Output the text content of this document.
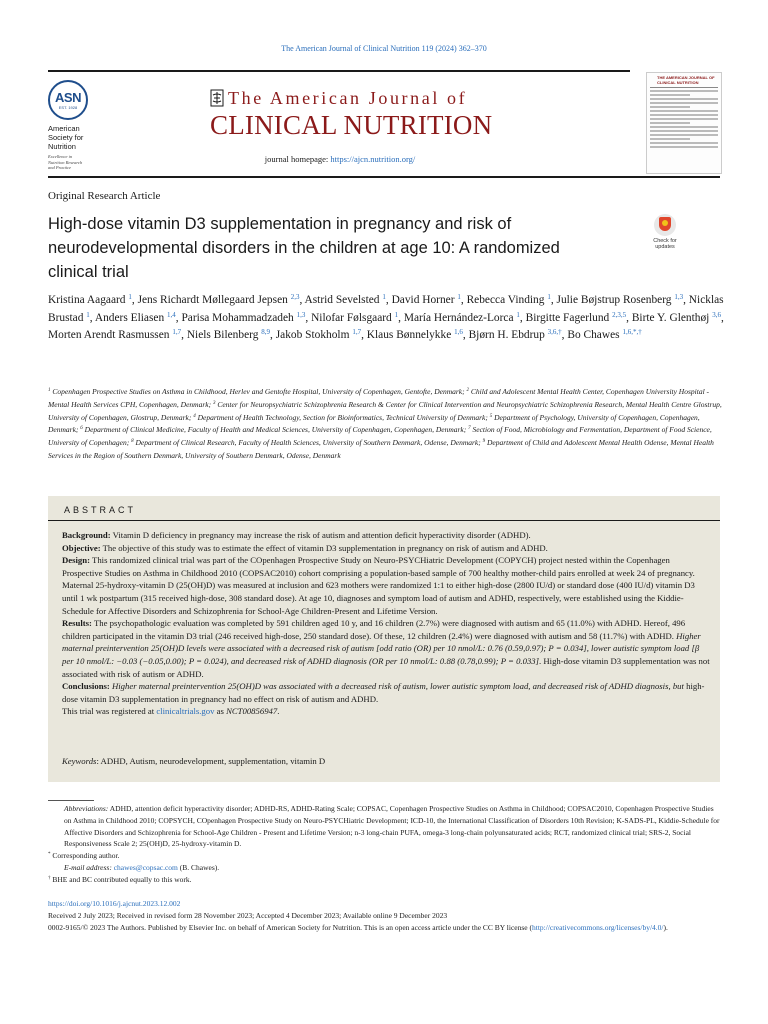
The American Journal of Clinical Nutrition 119 (2024) 362–370
ASN
EST. 1928
American
Society for
Nutrition
Excellence in
Nutrition Research
and Practice
The American Journal of
CLINICAL NUTRITION
journal homepage: https://ajcn.nutrition.org/
THE AMERICAN JOURNAL OF CLINICAL NUTRITION
Original Research Article
High-dose vitamin D3 supplementation in pregnancy and risk of neurodevelopmental disorders in the children at age 10: A randomized clinical trial
Check for
updates
Kristina Aagaard $^1$, Jens Richardt Møllegaard Jepsen $^{2,3}$, Astrid Sevelsted $^1$, David Horner $^1$, Rebecca Vinding $^1$, Julie Bøjstrup Rosenberg $^{1,3}$, Nicklas Brustad $^1$, Anders Eliasen $^{1,4}$, Parisa Mohammadzadeh $^{1,3}$, Nilofar Følsgaard $^1$, María Hernández-Lorca $^1$, Birgitte Fagerlund $^{2,3,5}$, Birte Y. Glenthøj $^{3,6}$, Morten Arendt Rasmussen $^{1,7}$, Niels Bilenberg $^{8,9}$, Jakob Stokholm $^{1,7}$, Klaus Bønnelykke $^{1,6}$, Bjørn H. Ebdrup $^{3,6,\dagger}$, Bo Chawes $^{1,6,*,\dagger}$
$^1$ Copenhagen Prospective Studies on Asthma in Childhood, Herlev and Gentofte Hospital, University of Copenhagen, Gentofte, Denmark; $^2$ Child and Adolescent Mental Health Center, Copenhagen University Hospital - Mental Health Services CPH, Copenhagen, Denmark; $^3$ Center for Neuropsychiatric Schizophrenia Research & Center for Clinical Intervention and Neuropsychiatric Schizophrenia Research, Mental Health Centre Glostrup, University of Copenhagen, Glostrup, Denmark; $^4$ Department of Health Technology, Section for Bioinformatics, Technical University of Denmark; $^5$ Department of Psychology, University of Copenhagen, Copenhagen, Denmark; $^6$ Department of Clinical Medicine, Faculty of Health and Medical Sciences, University of Copenhagen, Copenhagen, Denmark; $^7$ Section of Food, Microbiology and Fermentation, Department of Food Science, University of Copenhagen; $^8$ Department of Clinical Research, Faculty of Health Sciences, University of Southern Denmark, Odense, Denmark; $^9$ Department of Child and Adolescent Mental Health Odense, Mental Health Services in the Region of Southern Denmark, University of Southern Denmark, Odense, Denmark
ABSTRACT

Background: Vitamin D deficiency in pregnancy may increase the risk of autism and attention deficit hyperactivity disorder (ADHD).

Objective: The objective of this study was to estimate the effect of vitamin D3 supplementation in pregnancy on risk of autism and ADHD.

Design: This randomized clinical trial was part of the COpenhagen Prospective Study on Neuro-PSYCHiatric Development (COPYCH) project nested within the Copenhagen Prospective Studies on Asthma in Childhood 2010 (COPSAC2010) cohort comprising a population-based sample of 700 healthy mother-child pairs enrolled at week 24 of pregnancy. Maternal 25-hydroxy-vitamin D (25(OH)D) was measured at inclusion and 623 mothers were randomized 1:1 to either high-dose (2800 IU/d) or standard dose (400 IU/d) vitamin D3 until 1 wk postpartum (315 received high-dose, 308 standard dose). At age 10, diagnoses and symptom load of autism and ADHD, respectively, were established using the Kiddie-Schedule for Affective Disorders and Schizophrenia for School-Age Children-Present and Lifetime Version.

Results: The psychopathologic evaluation was completed by 591 children aged 10 y, and 16 children (2.7%) were diagnosed with autism and 65 (11.0%) with ADHD. Hereof, 496 children participated in the vitamin D3 trial (246 received high-dose, 250 standard dose). Of these, 12 children (2.4%) were diagnosed with autism and 58 (11.7%) with ADHD. Higher maternal preintervention 25(OH)D levels were associated with a decreased risk of autism [odd ratio (OR) per 10 nmol/L: 0.76 (0.59,0.97); P = 0.034], lower autistic symptom load [β per 10 nmol/L: −0.03 (−0.05,0.00); P = 0.024), and decreased risk of ADHD diagnosis (OR per 10 nmol/L: 0.88 (0.78,0.99); P = 0.033]. High-dose vitamin D3 supplementation was not associated with risk of autism or ADHD.

Conclusions: Higher maternal preintervention 25(OH)D was associated with a decreased risk of autism, lower autistic symptom load, and decreased risk of ADHD diagnosis, but high-dose vitamin D3 supplementation in pregnancy had no effect on risk of autism and ADHD.

This trial was registered at clinicaltrials.gov as NCT00856947.

Keywords: ADHD, Autism, neurodevelopment, supplementation, vitamin D

Abbreviations: ADHD, attention deficit hyperactivity disorder; ADHD-RS, ADHD-Rating Scale; COPSAC, Copenhagen Prospective Studies on Asthma in Childhood; COPSAC2010, Copenhagen Prospective Studies on Asthma in Childhood 2010; COPSYCH, COpenhagen Prospective Study on Neuro-PSYCHiatric Development; ICD-10, the International Classification of Disorders 10th Revision; K-SADS-PL, Kiddie-Schedule for Affective Disorders and Schizophrenia for School-Age Children - Present and Lifetime Version; n-3 long-chain PUFA, omega-3 long-chain polyunsaturated acids; RCT, randomized clinical trial; SRS-2, Social Responsiveness Scale 2; 25(OH)D, 25-hydroxy-vitamin D.

* Corresponding author.

E-mail address: chawes@copsac.com (B. Chawes).

† BHE and BC contributed equally to this work.

https://doi.org/10.1016/j.ajcnut.2023.12.002

Received 2 July 2023; Received in revised form 28 November 2023; Accepted 4 December 2023; Available online 9 December 2023

0002-9165/© 2023 The Authors. Published by Elsevier Inc. on behalf of American Society for Nutrition. This is an open access article under the CC BY license (http://creativecommons.org/licenses/by/4.0/).
